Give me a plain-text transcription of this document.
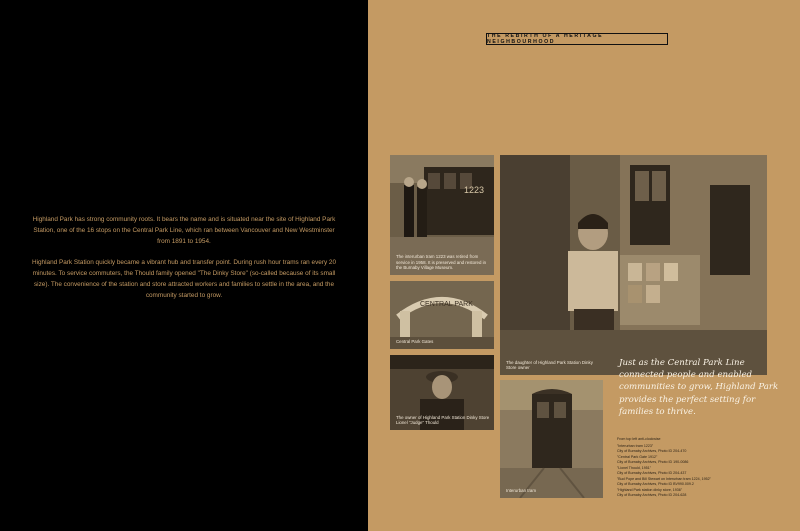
Highland Park has strong community roots. It bears the name and is situated near the site of Highland Park Station, one of the 16 stops on the Central Park Line, which ran between Vancouver and New Westminster from 1891 to 1954.

Highland Park Station quickly became a vibrant hub and transfer point. During rush hour trams ran every 20 minutes. To service commuters, the Thould family opened "The Dinky Store" (so-called because of its small size). The convenience of the station and store attracted workers and families to settle in the area, and the community started to grow.

THE REBIRTH OF A HERITAGE NEIGHBOURHOOD
1223
The interurban tram 1223 was retired from service in 1958. It is preserved and restored in the Burnaby Village Museum.
CENTRAL PARK
Central Park Gates
The owner of Highland Park Station Dinky Store Lionel "Judge" Thould
The daughter of Highland Park Station Dinky Store owner
Interurban tram
Just as the Central Park Line connected people and enabled communities to grow, Highland Park provides the perfect setting for families to thrive.
From top left anti-clockwise
"Interurban tram 1223"
City of Burnaby Archives, Photo ID 204-470
"Central Park Gate 1912"
City of Burnaby Archives, Photo ID 190-0086
"Lionel Thould, 1951"
City of Burnaby Archives, Photo ID 204-437
"Bud Pope and Bill Stewart on Interurban tram 1224, 1952"
City of Burnaby Archives, Photo ID BV990.009.2
"Highland Park station dinky store, 1936"
City of Burnaby Archives, Photo ID 204-628
